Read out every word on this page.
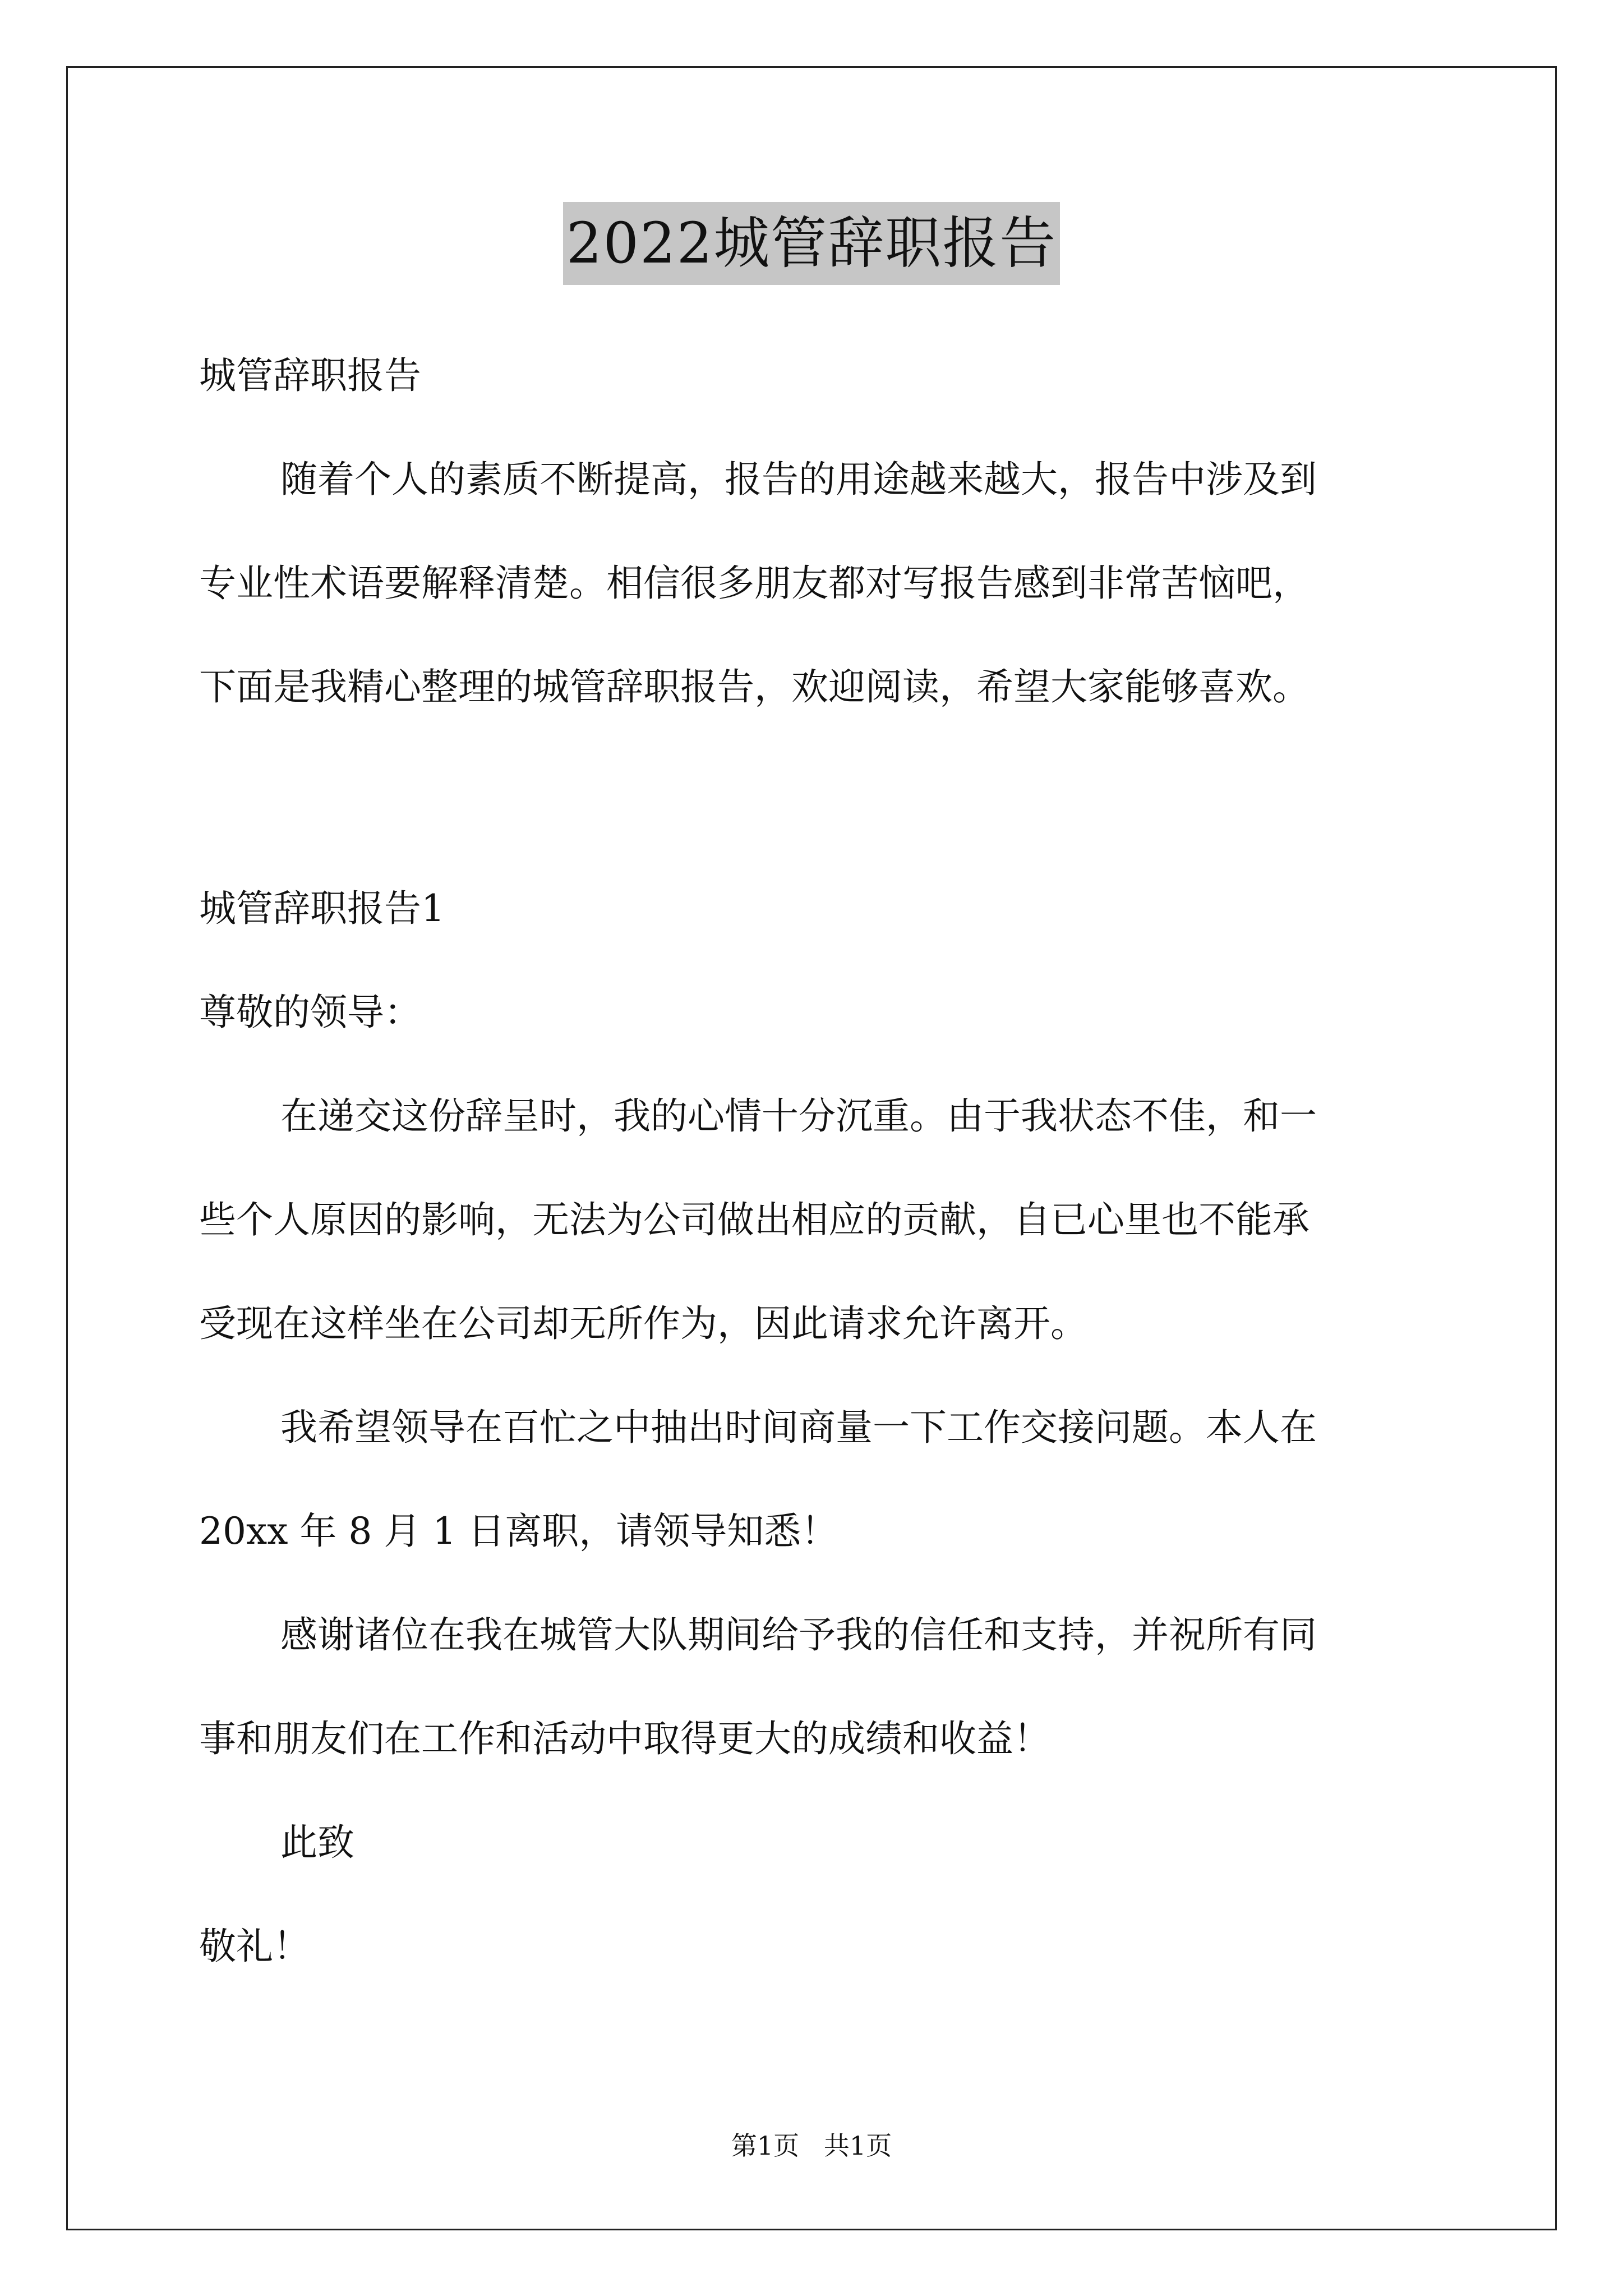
2022城管辞职报告
城管辞职报告
随着个人的素质不断提高，报告的用途越来越大，报告中涉及到
专业性术语要解释清楚。相信很多朋友都对写报告感到非常苦恼吧，
下面是我精心整理的城管辞职报告，欢迎阅读，希望大家能够喜欢。
城管辞职报告1
尊敬的领导：
在递交这份辞呈时，我的心情十分沉重。由于我状态不佳，和一
些个人原因的影响，无法为公司做出相应的贡献，自已心里也不能承
受现在这样坐在公司却无所作为，因此请求允许离开。
我希望领导在百忙之中抽出时间商量一下工作交接问题。本人在
20xx 年 8 月 1 日离职，请领导知悉！
感谢诸位在我在城管大队期间给予我的信任和支持，并祝所有同
事和朋友们在工作和活动中取得更大的成绩和收益！
此致
敬礼！
第1页   共1页
